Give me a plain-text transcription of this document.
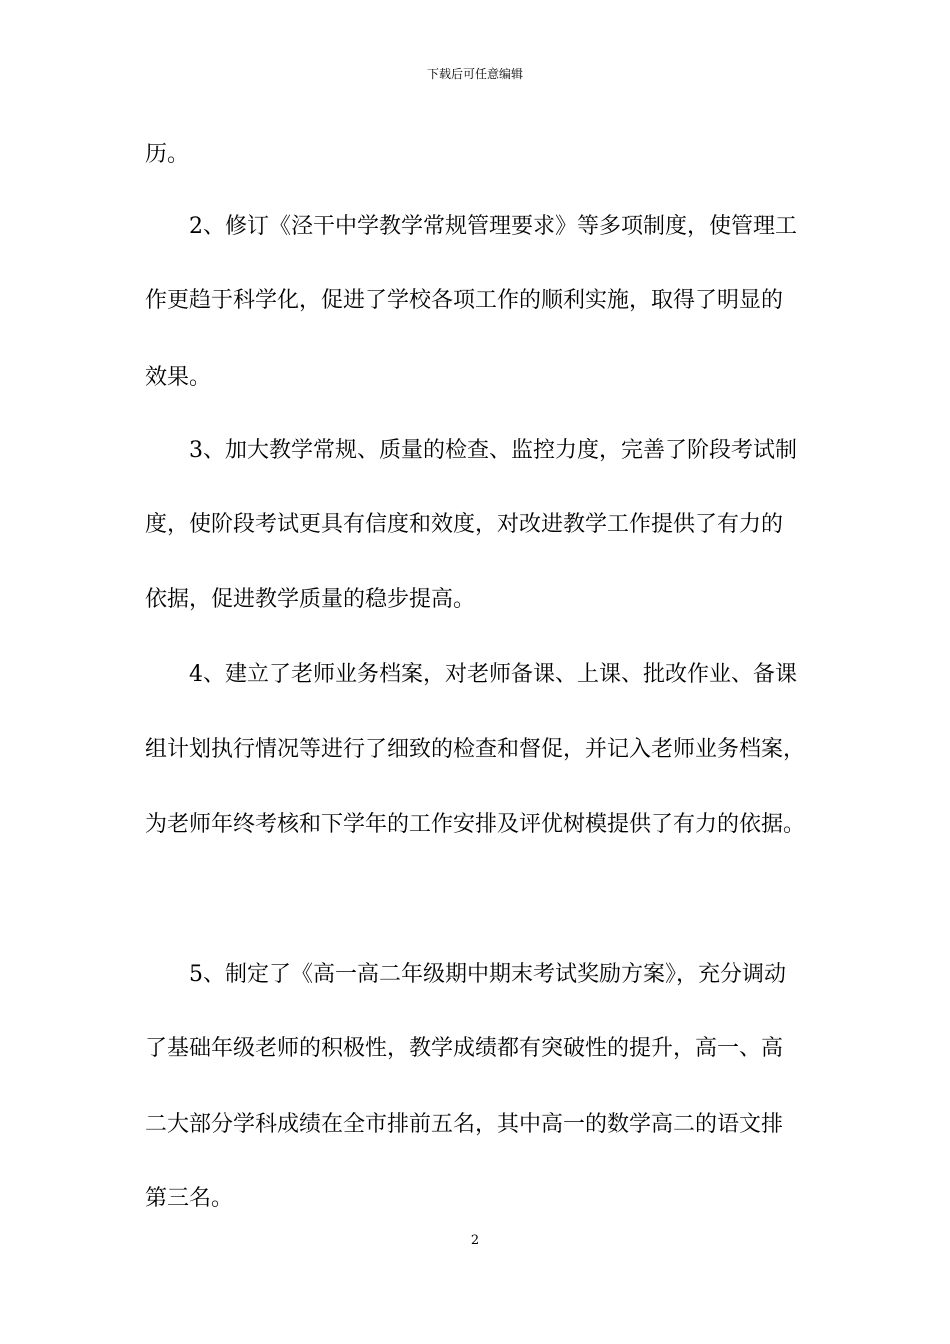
下载后可任意编辑
历。
2、修订《泾干中学教学常规管理要求》等多项制度，使管理工
作更趋于科学化，促进了学校各项工作的顺利实施，取得了明显的
效果。
3、加大教学常规、质量的检查、监控力度，完善了阶段考试制
度，使阶段考试更具有信度和效度，对改进教学工作提供了有力的
依据，促进教学质量的稳步提高。
4、建立了老师业务档案，对老师备课、上课、批改作业、备课
组计划执行情况等进行了细致的检查和督促，并记入老师业务档案，
为老师年终考核和下学年的工作安排及评优树模提供了有力的依据。
5、制定了《高一高二年级期中期末考试奖励方案》，充分调动
了基础年级老师的积极性，教学成绩都有突破性的提升，高一、高
二大部分学科成绩在全市排前五名，其中高一的数学高二的语文排
第三名。
2
